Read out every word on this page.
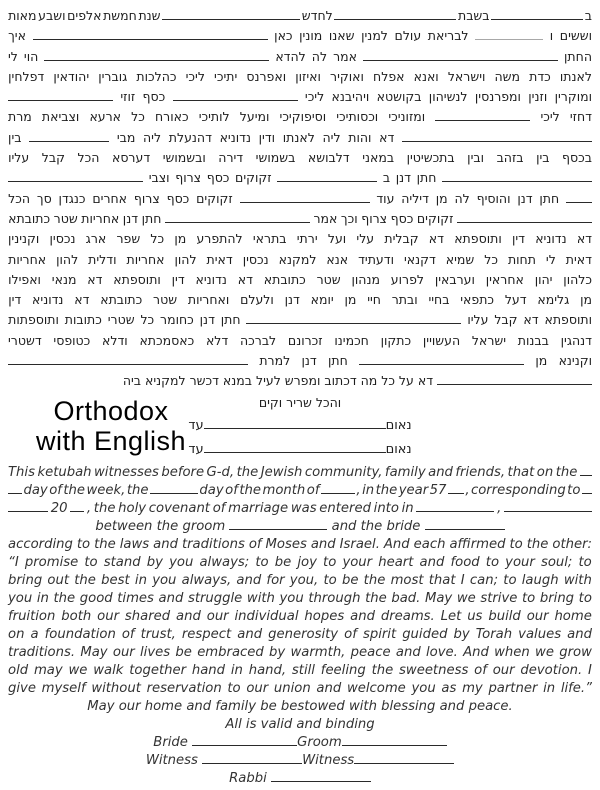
ב
בשבת
לחדש
שנת
חמשת
אלפים
ושבע
מאות
וששים
ו
לבריאת
עולם
למנין
שאנו
מונין
כאן
איך
החתן
אמר
לה
להדא
הוי
לי
לאנתו
כדת
משה
וישראל
ואנא
אפלח
ואוקיר
ואיזון
ואפרנס
יתיכי
ליכי
כהלכות
גוברין
יהודאין
דפלחין
ומוקרין
וזנין
ומפרנסין
לנשיהון
בקושטא
ויהיבנא
ליכי
כסף
זוזי
דחזי
ליכי
ומזוניכי
וכסותיכי
וסיפוקיכי
ומיעל
לותיכי
כאורח
כל
ארעא
וצביאת
מרת
דא
והות
ליה
לאנתו
ודין
נדוניא
דהנעלת
ליה
מבי
בין
בכסף
בין
בזהב
ובין
בתכשיטין
במאני
דלבושא
בשמושי
דירה
ובשמושי
דערסא
הכל
קבל
עליו
חתן
דנן
ב
זקוקים
כסף
צרוף
וצבי
חתן
דנן
והוסיף
לה
מן
דיליה
עוד
זקוקים
כסף
צרוף
אחרים
כנגדן
סך
הכל
זקוקים
כסף
צרוף
וכך
אמר
חתן
דנן
אחריות
שטר
כתובתא
דא
נדוניא
דין
ותוספתא
דא
קבלית
עלי
ועל
ירתי
בתראי
להתפרע
מן
כל
שפר
ארג
נכסין
וקנינין
דאית
לי
תחות
כל
שמיא
דקנאי
ודעתיד
אנא
למקנא
נכסין
דאית
להון
אחריות
ודלית
להון
אחריות
כלהון
יהון
אחראין
וערבאין
לפרוע
מנהון
שטר
כתובתא
דא
נדוניא
דין
ותוספתא
דא
מנאי
ואפילו
מן
גלימא
דעל
כתפאי
בחיי
ובתר
חיי
מן
יומא
דנן
ולעלם
ואחריות
שטר
כתובתא
דא
נדוניא
דין
ותוספתא
דא
קבל
עליו
חתן
דנן
כחומר
כל
שטרי
כתובות
ותוספתות
דנהגין
בבנות
ישראל
העשויין
כתקון
חכמינו
זכרונם
לברכה
דלא
כאסמכתא
ודלא
כטופסי
דשטרי
וקנינא
מן
חתן
דנן
למרת
דא על כל מה דכתוב ומפרש לעיל במנא דכשר למקניא ביה
והכל שריר וקים
נאוםעד
נאוםעד
Orthodox
with English
This ketubah witnesses before G-d, the Jewish community, family and friends, that on the
day of the week, the	day of the month of	, in the year 57 , corresponding to
20 , the holy covenant of marriage was entered into in	,
between the groom	and the bride
according to the laws and traditions of Moses and Israel. And each affirmed to the other:
“I promise to stand by you always; to be joy to your heart and food to your soul; to
bring out the best in you always, and for you, to be the most that I can; to laugh with
you in the good times and struggle with you through the bad. May we strive to bring to
fruition both our shared and our individual hopes and dreams. Let us build our home
on a foundation of trust, respect and generosity of spirit guided by Torah values and
traditions. May our lives be embraced by warmth, peace and love. And when we grow
old may we walk together hand in hand, still feeling the sweetness of our devotion. I
give myself without reservation to our union and welcome you as my partner in life.”
May our home and family be bestowed with blessing and peace.
All is valid and binding
Bride	Groom
Witness	Witness
Rabbi
